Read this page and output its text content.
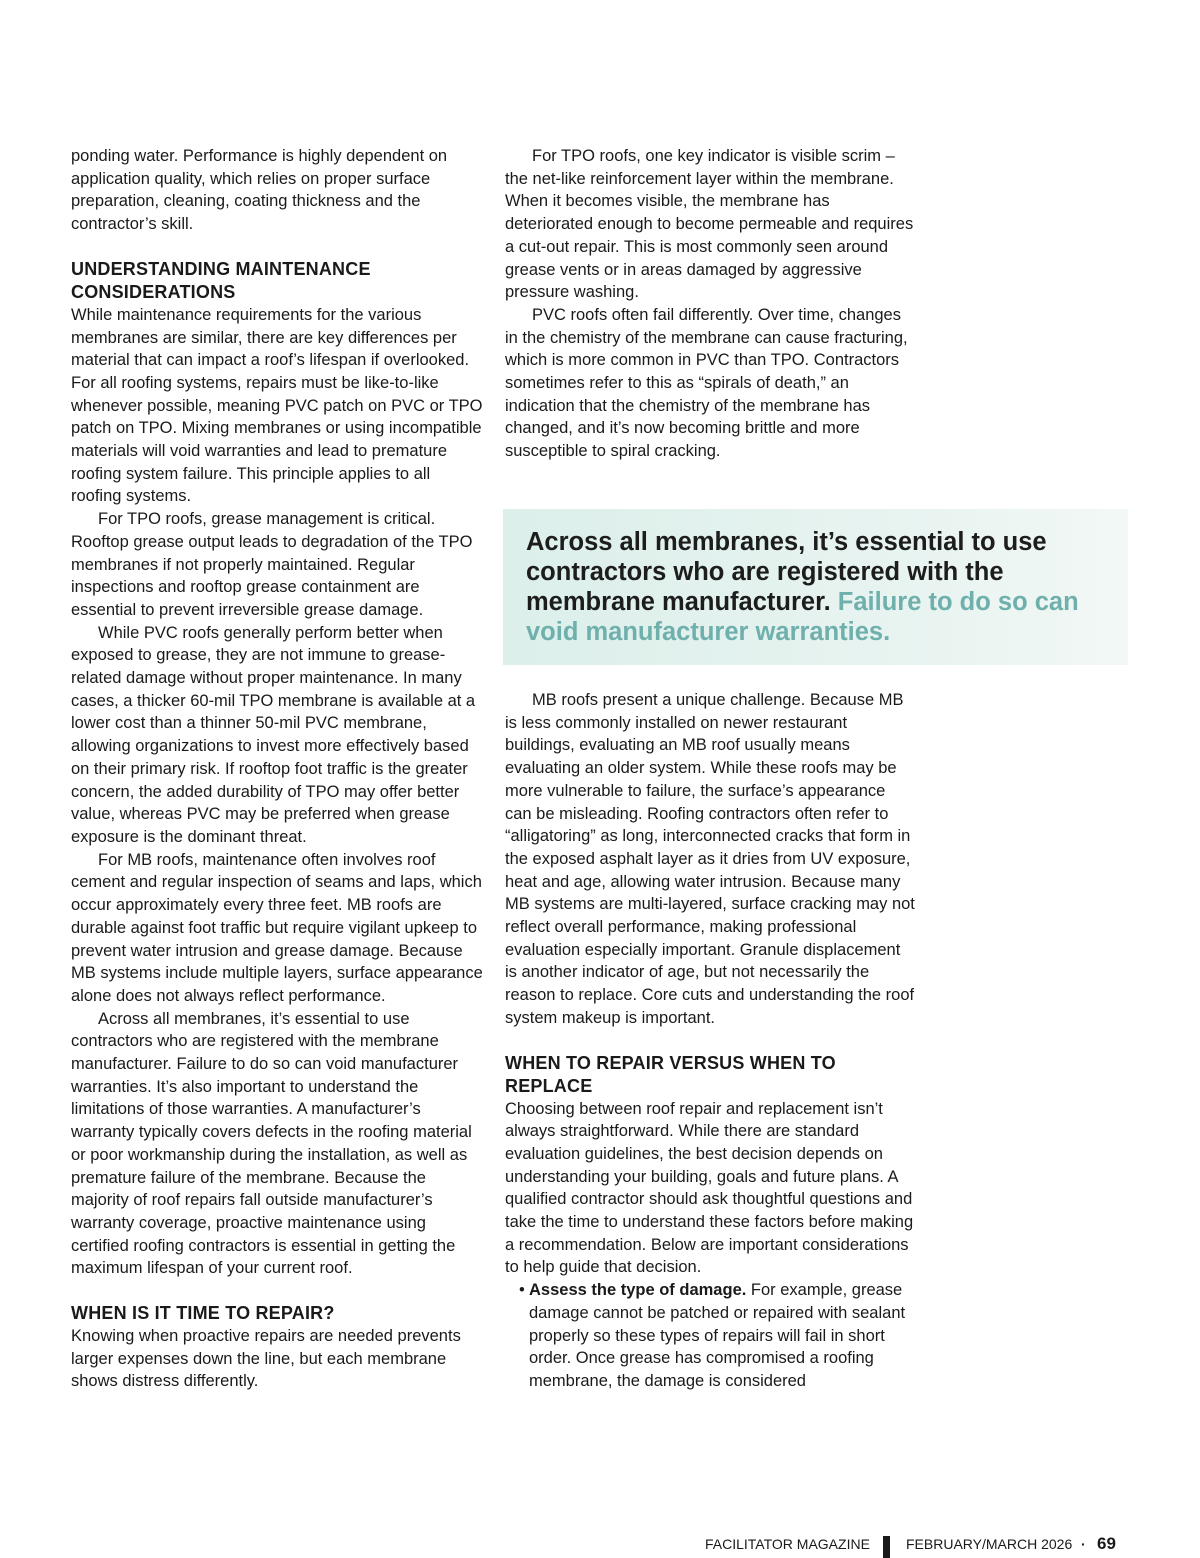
ponding water. Performance is highly dependent on application quality, which relies on proper surface preparation, cleaning, coating thickness and the contractor’s skill.

UNDERSTANDING MAINTENANCE CONSIDERATIONS

While maintenance requirements for the various membranes are similar, there are key differences per material that can impact a roof’s lifespan if overlooked. For all roofing systems, repairs must be like-to-like whenever possible, meaning PVC patch on PVC or TPO patch on TPO. Mixing membranes or using incompatible materials will void warranties and lead to premature roofing system failure. This principle applies to all roofing systems.

For TPO roofs, grease management is critical. Rooftop grease output leads to degradation of the TPO membranes if not properly maintained. Regular inspections and rooftop grease containment are essential to prevent irreversible grease damage.

While PVC roofs generally perform better when exposed to grease, they are not immune to grease-related damage without proper maintenance. In many cases, a thicker 60-mil TPO membrane is available at a lower cost than a thinner 50-mil PVC membrane, allowing organizations to invest more effectively based on their primary risk. If rooftop foot traffic is the greater concern, the added durability of TPO may offer better value, whereas PVC may be preferred when grease exposure is the dominant threat.

For MB roofs, maintenance often involves roof cement and regular inspection of seams and laps, which occur approximately every three feet. MB roofs are durable against foot traffic but require vigilant upkeep to prevent water intrusion and grease damage. Because MB systems include multiple layers, surface appearance alone does not always reflect performance.

Across all membranes, it’s essential to use contractors who are registered with the membrane manufacturer. Failure to do so can void manufacturer warranties. It’s also important to understand the limitations of those warranties. A manufacturer’s warranty typically covers defects in the roofing material or poor workmanship during the installation, as well as premature failure of the membrane. Because the majority of roof repairs fall outside manufacturer’s warranty coverage, proactive maintenance using certified roofing contractors is essential in getting the maximum lifespan of your current roof.

WHEN IS IT TIME TO REPAIR?

Knowing when proactive repairs are needed prevents larger expenses down the line, but each membrane shows distress differently.

For TPO roofs, one key indicator is visible scrim – the net-like reinforcement layer within the membrane. When it becomes visible, the membrane has deteriorated enough to become permeable and requires a cut-out repair. This is most commonly seen around grease vents or in areas damaged by aggressive pressure washing.

PVC roofs often fail differently. Over time, changes in the chemistry of the membrane can cause fracturing, which is more common in PVC than TPO. Contractors sometimes refer to this as “spirals of death,” an indication that the chemistry of the membrane has changed, and it’s now becoming brittle and more susceptible to spiral cracking.

Across all membranes, it’s essential to use contractors who are registered with the membrane manufacturer. Failure to do so can void manufacturer warranties.

MB roofs present a unique challenge. Because MB is less commonly installed on newer restaurant buildings, evaluating an MB roof usually means evaluating an older system. While these roofs may be more vulnerable to failure, the surface’s appearance can be misleading. Roofing contractors often refer to “alligatoring” as long, interconnected cracks that form in the exposed asphalt layer as it dries from UV exposure, heat and age, allowing water intrusion. Because many MB systems are multi-layered, surface cracking may not reflect overall performance, making professional evaluation especially important. Granule displacement is another indicator of age, but not necessarily the reason to replace. Core cuts and understanding the roof system makeup is important.

WHEN TO REPAIR VERSUS WHEN TO REPLACE

Choosing between roof repair and replacement isn’t always straightforward. While there are standard evaluation guidelines, the best decision depends on understanding your building, goals and future plans. A qualified contractor should ask thoughtful questions and take the time to understand these factors before making a recommendation. Below are important considerations to help guide that decision.

• Assess the type of damage. For example, grease damage cannot be patched or repaired with sealant properly so these types of repairs will fail in short order. Once grease has compromised a roofing membrane, the damage is considered
FACILITATOR MAGAZINE	FEBRUARY/MARCH 2026 · 69
